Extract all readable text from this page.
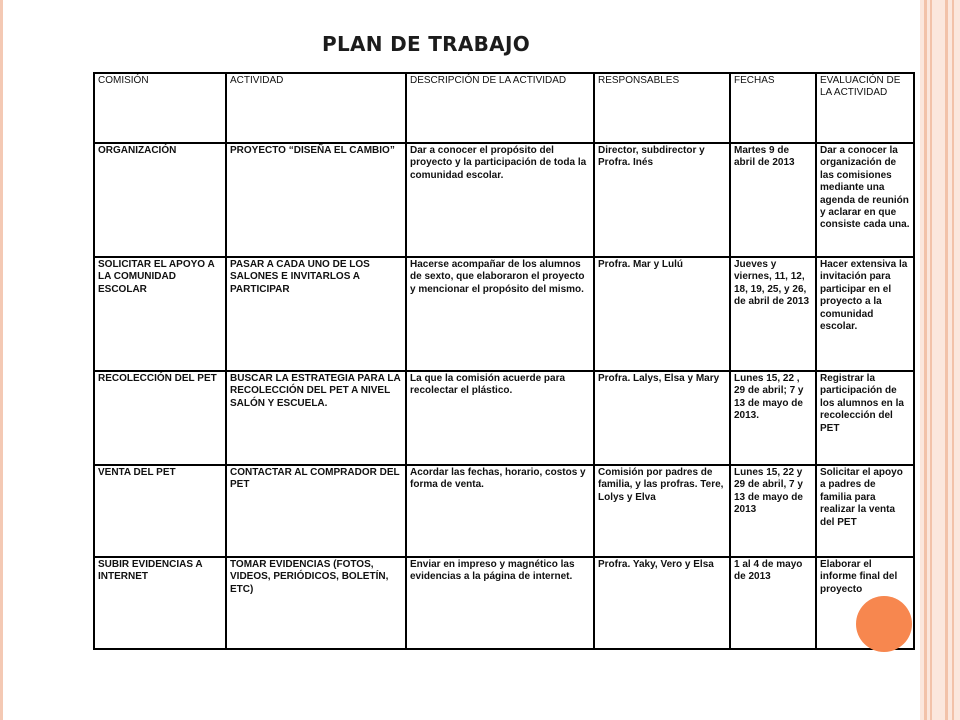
PLAN DE TRABAJO
COMISIÓN	ACTIVIDAD	DESCRIPCIÓN DE LA ACTIVIDAD	RESPONSABLES	FECHAS	EVALUACIÓN DE LA ACTIVIDAD
ORGANIZACIÓN	PROYECTO “DISEÑA EL CAMBIO”	Dar a conocer el propósito del proyecto y la participación de toda la comunidad escolar.	Director, subdirector y Profra. Inés	Martes 9 de abril de 2013	Dar a conocer la organización de las comisiones mediante una agenda de reunión y aclarar en que consiste cada una.
SOLICITAR EL APOYO A LA COMUNIDAD ESCOLAR	PASAR A CADA UNO DE LOS SALONES E INVITARLOS A PARTICIPAR	Hacerse acompañar de los alumnos de sexto, que elaboraron el proyecto y mencionar el propósito del mismo.	Profra. Mar y Lulú	Jueves y viernes, 11, 12, 18, 19, 25, y 26, de abril de 2013	Hacer extensiva la invitación para participar en el proyecto a la comunidad escolar.
RECOLECCIÓN DEL PET	BUSCAR LA ESTRATEGIA PARA LA RECOLECCIÓN DEL PET A NIVEL SALÓN Y ESCUELA.	La que la comisión acuerde para recolectar el plástico.	Profra. Lalys, Elsa y Mary	Lunes 15, 22 , 29 de abril; 7 y 13 de mayo de 2013.	Registrar la participación de los alumnos en la recolección del PET
VENTA DEL PET	CONTACTAR AL COMPRADOR DEL PET	Acordar las fechas, horario, costos y forma de venta.	Comisión por padres de familia, y las profras. Tere, Lolys y Elva	Lunes 15, 22 y 29 de abril, 7 y 13 de mayo de 2013	Solicitar el apoyo a padres de familia para realizar la venta del PET
SUBIR EVIDENCIAS A INTERNET	TOMAR EVIDENCIAS (FOTOS, VIDEOS, PERIÓDICOS, BOLETÍN, ETC)	Enviar en impreso y magnético las evidencias a la página de internet.	Profra. Yaky, Vero y Elsa	1 al 4 de mayo de 2013	Elaborar el informe final del proyecto
